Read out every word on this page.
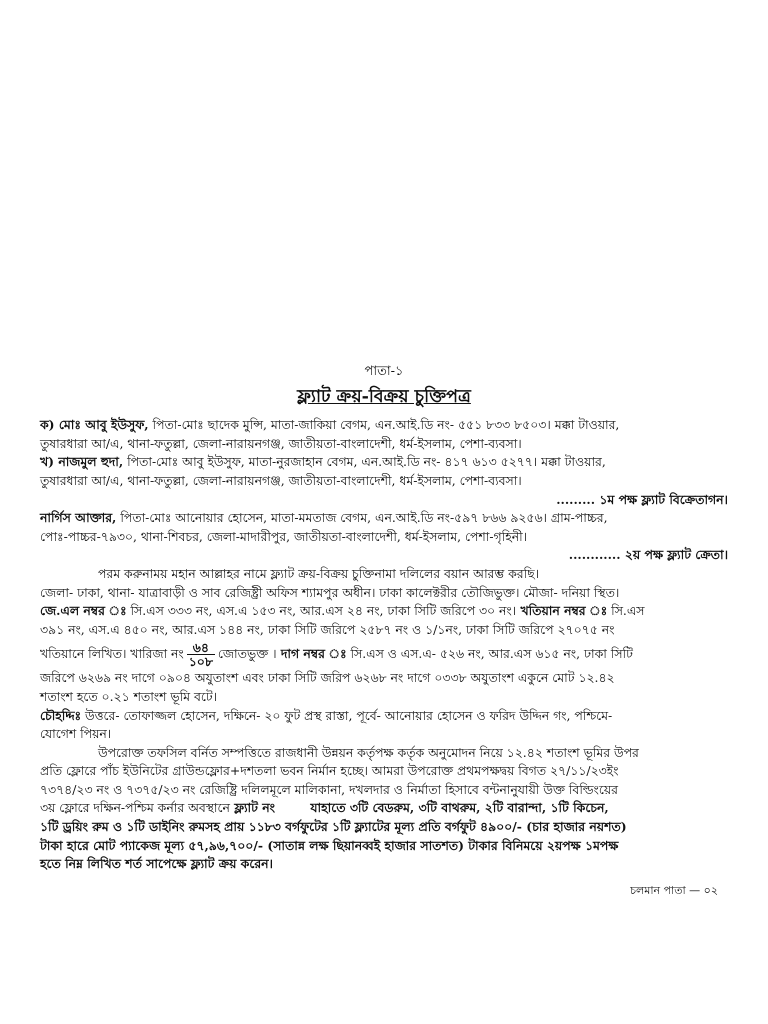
পাতা-১
ফ্ল্যাট ক্রয়-বিক্রয় চুক্তিপত্র

ক) মোঃ আবু ইউসুফ, পিতা-মোঃ ছাদেক মুন্সি, মাতা-জাকিয়া বেগম, এন.আই.ডি নং- ৫৫১ ৮৩৩ ৮৫০৩। মক্কা টাওয়ার,

তুষারধারা আ/এ, থানা-ফতুল্লা, জেলা-নারায়নগঞ্জ, জাতীয়তা-বাংলাদেশী, ধর্ম-ইসলাম, পেশা-ব্যবসা।

খ) নাজমুল হুদা, পিতা-মোঃ আবু ইউসুফ, মাতা-নুরজাহান বেগম, এন.আই.ডি নং- ৪১৭ ৬১৩ ৫২৭৭। মক্কা টাওয়ার,

তুষারধারা আ/এ, থানা-ফতুল্লা, জেলা-নারায়নগঞ্জ, জাতীয়তা-বাংলাদেশী, ধর্ম-ইসলাম, পেশা-ব্যবসা।

......... ১ম পক্ষ ফ্ল্যাট বিক্রেতাগন।

নার্গিস আক্তার, পিতা-মোঃ আনোয়ার হোসেন, মাতা-মমতাজ বেগম, এন.আই.ডি নং-৫৯৭ ৮৬৬ ৯২৫৬। গ্রাম-পাচ্চর,

পোঃ-পাচ্চর-৭৯৩০, থানা-শিবচর, জেলা-মাদারীপুর, জাতীয়তা-বাংলাদেশী, ধর্ম-ইসলাম, পেশা-গৃহিনী।

............ ২য় পক্ষ ফ্ল্যাট ক্রেতা।

পরম করুনাময় মহান আল্লাহর নামে ফ্ল্যাট ক্রয়-বিক্রয় চুক্তিনামা দলিলের বয়ান আরম্ভ করছি।

জেলা- ঢাকা, থানা- যাত্রাবাড়ী ও সাব রেজিষ্ট্রী অফিস শ্যামপুর অধীন। ঢাকা কালেক্টরীর তৌজিভুক্ত। মৌজা- দনিয়া স্থিত।

জে.এল নম্বর ঃ সি.এস ৩৩৩ নং, এস.এ ১৫৩ নং, আর.এস ২৪ নং, ঢাকা সিটি জরিপে ৩০ নং। খতিয়ান নম্বর ঃ সি.এস

৩৯১ নং, এস.এ ৪৫০ নং, আর.এস ১৪৪ নং, ঢাকা সিটি জরিপে ২৫৮৭ নং ও ১/১নং, ঢাকা সিটি জরিপে ২৭০৭৫ নং

খতিয়ানে লিখিত। খারিজা নং $\frac{৬৪}{১০৮}$ জোতভুক্ত । দাগ নম্বর ঃ সি.এস ও এস.এ- ৫২৬ নং, আর.এস ৬১৫ নং, ঢাকা সিটি

জরিপে ৬২৬৯ নং দাগে ০৯০৪ অযুতাংশ এবং ঢাকা সিটি জরিপ ৬২৬৮ নং দাগে ০৩৩৮ অযুতাংশ একুনে মোট ১২.৪২

শতাংশ হতে ০.২১ শতাংশ ভূমি বটে।

চৌহদ্দিঃ উত্তরে- তোফাজ্জল হোসেন, দক্ষিনে- ২০ ফুট প্রস্থ রাস্তা, পূর্বে- আনোয়ার হোসেন ও ফরিদ উদ্দিন গং, পশ্চিমে-

যোগেশ পিয়ন।

উপরোক্ত তফসিল বর্নিত সম্পত্তিতে রাজধানী উন্নয়ন কর্তৃপক্ষ কর্তৃক অনুমোদন নিয়ে ১২.৪২ শতাংশ ভূমির উপর

প্রতি ফ্লোরে পাঁচ ইউনিটের গ্রাউন্ডফ্লোর+দশতলা ভবন নির্মান হচ্ছে। আমরা উপরোক্ত প্রথমপক্ষদ্বয় বিগত ২৭/১১/২৩ইং

৭৩৭৪/২৩ নং ও ৭৩৭৫/২৩ নং রেজিষ্ট্রি দলিলমূলে মালিকানা, দখলদার ও নির্মাতা হিসাবে বন্টনানুযায়ী উক্ত বিল্ডিংয়ের

৩য় ফ্লোরে দক্ষিন-পশ্চিম কর্নার অবস্থানে ফ্ল্যাট নং	যাহাতে ৩টি বেডরুম, ৩টি বাথরুম, ২টি বারান্দা, ১টি কিচেন,

১টি ড্রয়িং রুম ও ১টি ডাইনিং রুমসহ প্রায় ১১৮৩ বর্গফুটের ১টি ফ্ল্যাটের মূল্য প্রতি বর্গফুট ৪৯০০/- (চার হাজার নয়শত)

টাকা হারে মোট প্যাকেজ মূল্য ৫৭,৯৬,৭০০/- (সাতান্ন লক্ষ ছিয়ানব্বই হাজার সাতশত) টাকার বিনিময়ে ২য়পক্ষ ১মপক্ষ

হতে নিম্ন লিখিত শর্ত সাপেক্ষে ফ্ল্যাট ক্রয় করেন।

চলমান পাতা — ০২
